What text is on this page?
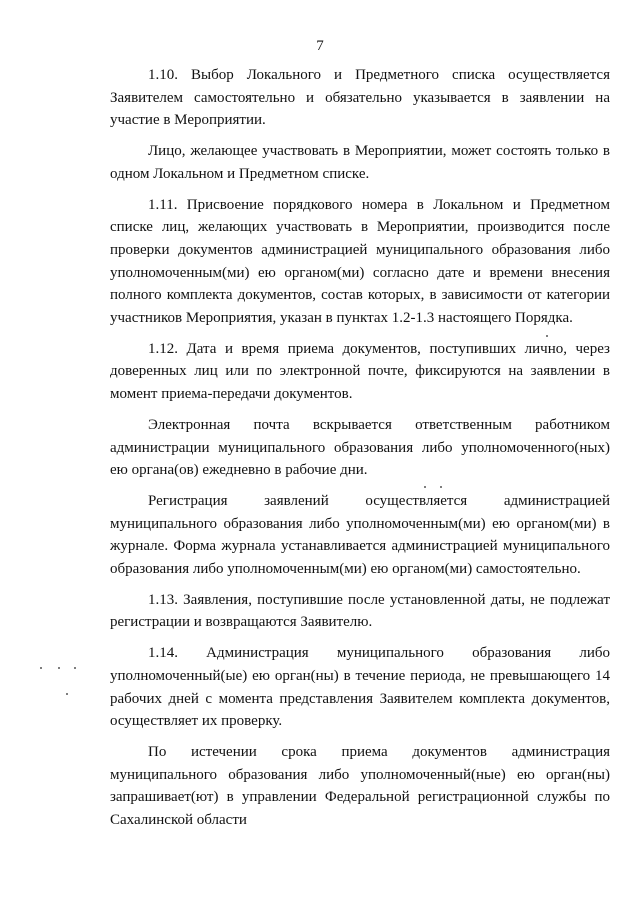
7

1.10. Выбор Локального и Предметного списка осуществляется Заявителем самостоятельно и обязательно указывается в заявлении на участие в Мероприятии.

Лицо, желающее участвовать в Мероприятии, может состоять только в одном Локальном и Предметном списке.

1.11. Присвоение порядкового номера в Локальном и Предметном списке лиц, желающих участвовать в Мероприятии, производится после проверки документов администрацией муниципального образования либо уполномоченным(ми) ею органом(ми) согласно дате и времени внесения полного комплекта документов, состав которых, в зависимости от категории участников Мероприятия, указан в пунктах 1.2-1.3 настоящего Порядка.

1.12. Дата и время приема документов, поступивших лично, через доверенных лиц или по электронной почте, фиксируются на заявлении в момент приема-передачи документов.

Электронная почта вскрывается ответственным работником администрации муниципального образования либо уполномоченного(ных) ею органа(ов) ежедневно в рабочие дни.

Регистрация заявлений осуществляется администрацией муниципального образования либо уполномоченным(ми) ею органом(ми) в журнале. Форма журнала устанавливается администрацией муниципального образования либо уполномоченным(ми) ею органом(ми) самостоятельно.

1.13. Заявления, поступившие после установленной даты, не подлежат регистрации и возвращаются Заявителю.

1.14. Администрация муниципального образования либо уполномоченный(ые) ею орган(ны) в течение периода, не превышающего 14 рабочих дней с момента представления Заявителем комплекта документов, осуществляет их проверку.

По истечении срока приема документов администрация муниципального образования либо уполномоченный(ные) ею орган(ны) запрашивает(ют) в управлении Федеральной регистрационной службы по Сахалинской области
